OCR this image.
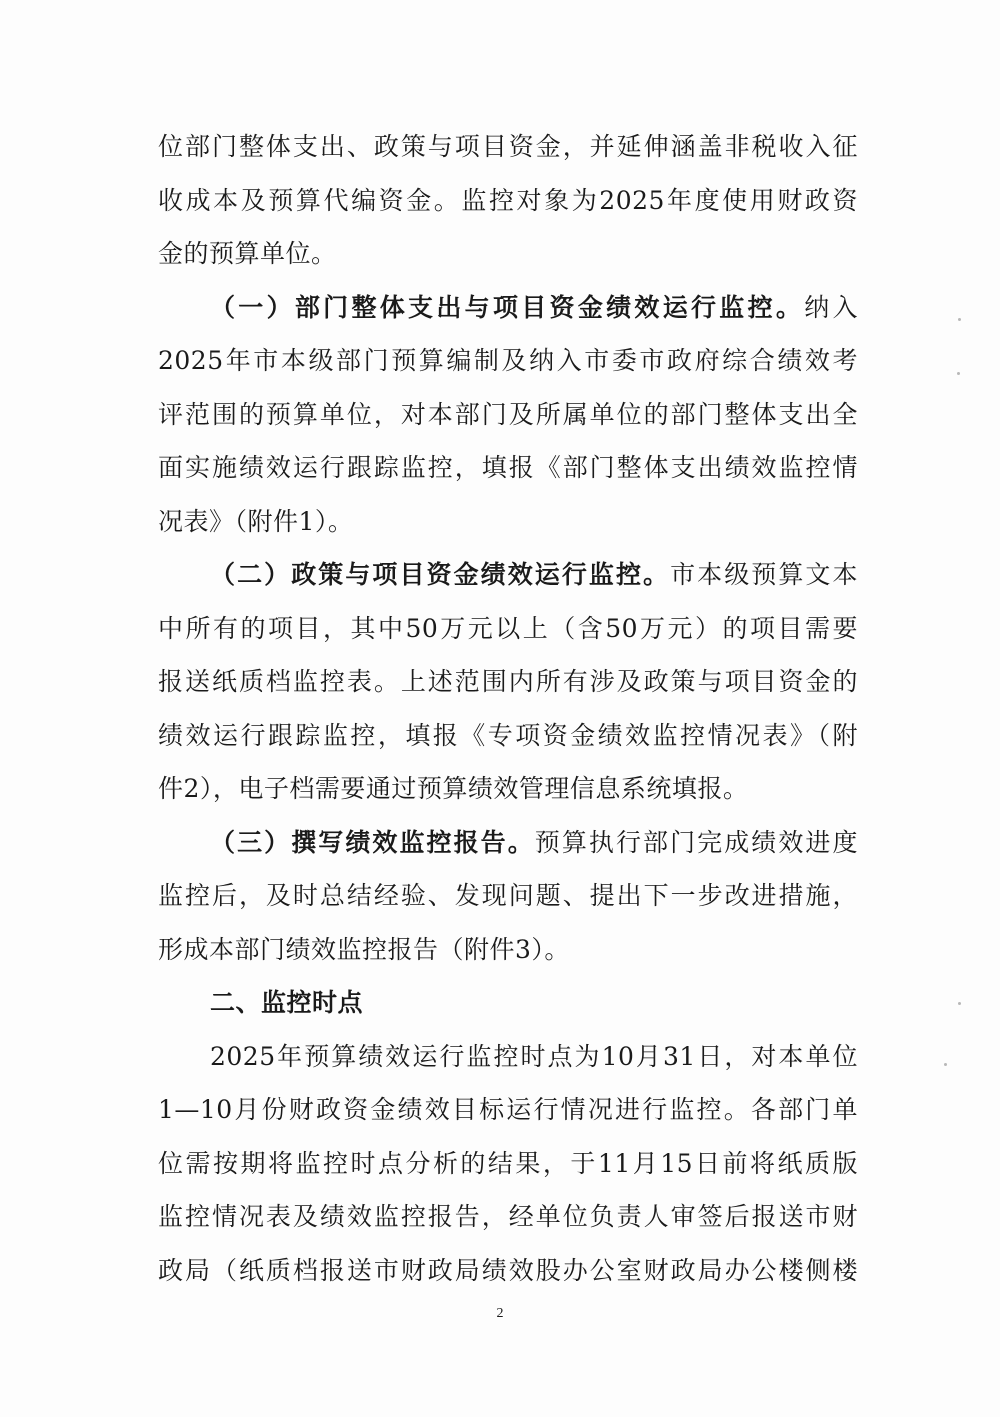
位部门整体支出、政策与项目资金，并延伸涵盖非税收入征
收成本及预算代编资金。监控对象为2025年度使用财政资
金的预算单位。
（一）部门整体支出与项目资金绩效运行监控。纳入
2025年市本级部门预算编制及纳入市委市政府综合绩效考
评范围的预算单位，对本部门及所属单位的部门整体支出全
面实施绩效运行跟踪监控，填报《部门整体支出绩效监控情
况表》（附件1）。
（二）政策与项目资金绩效运行监控。市本级预算文本
中所有的项目，其中50万元以上（含50万元）的项目需要
报送纸质档监控表。上述范围内所有涉及政策与项目资金的
绩效运行跟踪监控，填报《专项资金绩效监控情况表》（附
件2），电子档需要通过预算绩效管理信息系统填报。
（三）撰写绩效监控报告。预算执行部门完成绩效进度
监控后，及时总结经验、发现问题、提出下一步改进措施，
形成本部门绩效监控报告（附件3）。
二、监控时点
2025年预算绩效运行监控时点为10月31日，对本单位
1—10月份财政资金绩效目标运行情况进行监控。各部门单
位需按期将监控时点分析的结果，于11月15日前将纸质版
监控情况表及绩效监控报告，经单位负责人审签后报送市财
政局（纸质档报送市财政局绩效股办公室财政局办公楼侧楼
2
